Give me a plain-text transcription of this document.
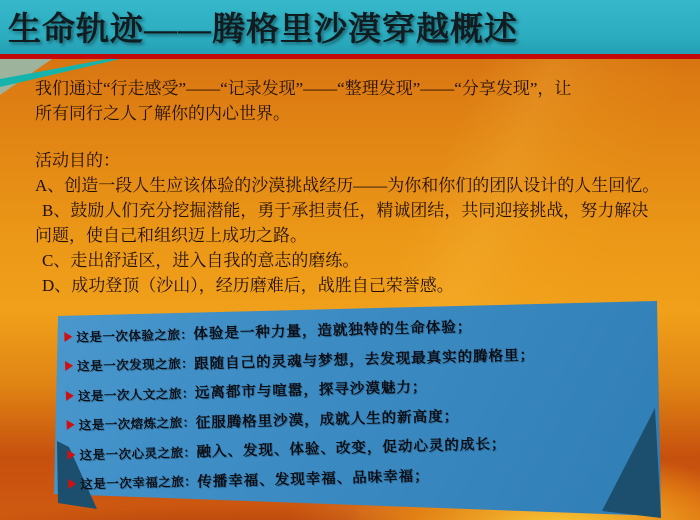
生命轨迹——腾格里沙漠穿越概述
我们通过“行走感受”——“记录发现”——“整理发现”——“分享发现”，让
所有同行之人了解你的内心世界。
活动目的：
A、创造一段人生应该体验的沙漠挑战经历——为你和你们的团队设计的人生回忆。
B、鼓励人们充分挖掘潜能，勇于承担责任，精诚团结，共同迎接挑战，努力解决
问题，使自己和组织迈上成功之路。
C、走出舒适区，进入自我的意志的磨练。
D、成功登顶（沙山），经历磨难后，战胜自己荣誉感。
这是一次体验之旅： 体验是一种力量，造就独特的生命体验；
这是一次发现之旅： 跟随自己的灵魂与梦想，去发现最真实的腾格里；
这是一次人文之旅： 远离都市与喧嚣，探寻沙漠魅力；
这是一次熔炼之旅： 征服腾格里沙漠，成就人生的新高度；
这是一次心灵之旅： 融入、发现、体验、改变，促动心灵的成长；
这是一次幸福之旅： 传播幸福、发现幸福、品味幸福；
